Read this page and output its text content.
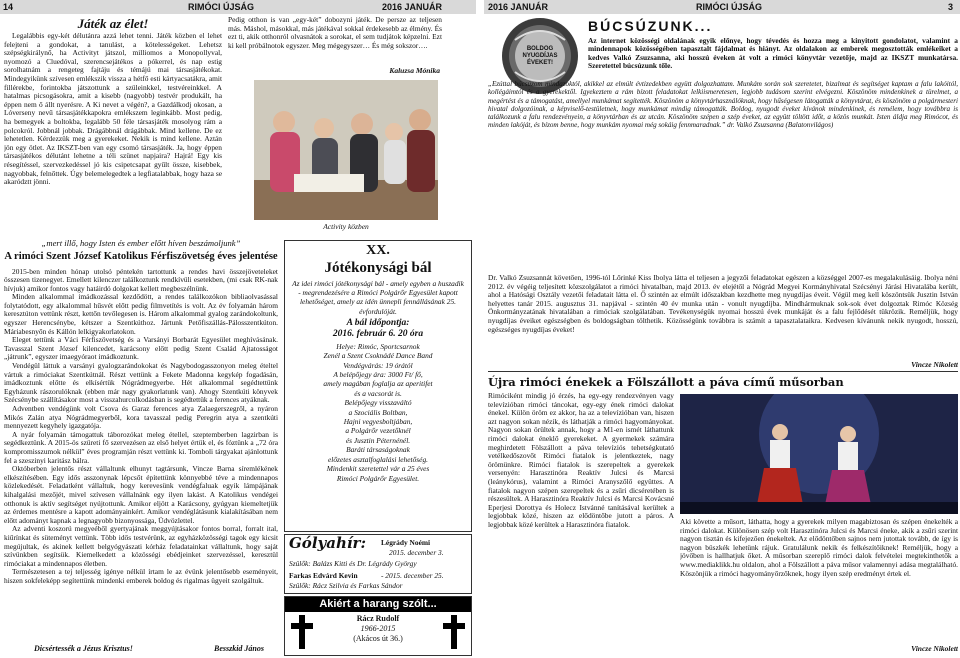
14	RIMÓCI ÚJSÁG	2016 JANUÁR
Játék az élet!
Legalábbis egy-két délutánra azzá lehet tenni. Játék közben el lehet felejteni a gondokat, a tanulást, a kötelességeket. Lehetsz szépségkirálynő, ha Activityt játszol, milliomos a Monopollyval, nyomozó a Cluedóval, szerencsejátékos a pókerrel, és nap estig sorolhatnám a rengeteg fajtáju és témájú mai társasjátékokat. Mindegyikünk szívesen emlékszik vissza a hétfő esti kártyacsatákra, amit fillérekbe, forintokba játszottunk a szüleinkkel, testvéreinkkel. A hatalmas picsogásokra, amit a kisebb (nagyobb) testvér produkált, ha éppen nem ő állt nyerésre. A Ki nevet a végén?, a Gazdálkodj okosan, a Lóverseny nevű társasjátékkapokra emlékszem leginkább. Most pedig, ha bemegyek a boltokba, legalább 50 féle társasjáték mosolyog rám a polcokról. Jobbnál jobbak. Drágábbnál drágábbak. Mind kellene. De ez lehetetlen. Kérdezzük meg a gyerekeket. Nekik is mind kellene. Aztán jön egy ötlet. Az IKSZT-ben van egy csomó társasjáték. Ja, hogy éppen társasjátékos délutánt lehetne a téli szünet napjaira? Hajrá! Egy kis résegítéssel, szervezkedéssel jó kis csipetcsapat gyűlt össze, kisebbek, nagyobbak, felnőttek. Úgy belemelegedtek a legfiatalabbak, hogy haza se akarództt jönni.
Pedig otthon is van „egy-két” dobozyni játék. De persze az teljesen más. Máshol, másokkal, más játékával sokkal érdekesebb az élmény. És ezt ti, akik otthonról olvasnátok a sorokat, el sem tudjátok képzelni. Ezt ki kell próbálnotok egyszer. Meg mégegyszer… És még sokszor….
Kaluzsa Mónika
Activity közben
„mert illő, hogy Isten és ember előtt híven beszámoljunk”
A rimóci Szent József Katolikus Férfiszövetség éves jelentése

2015-ben minden hónap utolsó péntekén tartottunk a rendes havi összejöveteleket összesen tizenegyet. Emellett kilenczer találkoztunk rendkívüli esetekben, (mi csak RK-nak hívjuk) amikor fontos vagy hatáirdó dolgokat kellett megbeszélnünk.

Minden alkalommal imádkozással kezdődött, a rendes találkozókon bibliaolvasással folytatódott, egy alkalommal hűsvét előtt pedig filmvetítés is volt. Az év folyamán három keresztúton vettünk részt, kettőn tevőlegesen is. Három alkalommal gyalog zarándokoltunk, egyszer Herencsénybe, kétszer a Szentkúthoz. Jártunk Petőfiszállás-Pálosszentkúton. Máriabesnyőn és Kállón lelkigyakorlatokon.

Eleget tettünk a Váci Férfiszövetség és a Varsányi Borbarát Egyesület meghívásának. Tavasszal Szent József kilencedet, karácsony előtt pedig Szent Család Ajtatosságot „játrunk”, egyszer imaegyóraot imádkoztunk.

Vendégül láttuk a varsányi gyalogzarándokokat és Nagybodogasszonyon meleg ételtel vártuk a rimóciakat Szentkútnál. Részt vettünk a Fekete Madonna kegykép fogadásán, imádkoztunk előtte és elkísértük Nógrádmegyerbe. Hét alkalommal segédtettünk Egyházunk rászorulóknak (ebben már nagy gyakorlatunk van). Ahogy Szentkúti könyvek Szécsénybe szállításakor most a visszahurcolkodásban is segédtettük a ferences atyáknak.

Adventben vendégünk volt Csova és Garaz ferences atya Zalaegerszegről, a nyáron Mikós Zalán atya Nógrádmegyerből, kora tavasszal pedig Peregrin atya a szentkúti mennyezett kegyhely igazgatója.

A nyár folyamán támogattuk táborozókat meleg étellel, szeptemberben lagzirban is segédkeztünk. A 2015-ös szüreti fő szervezésen az első helyet értük el, és fóztünk a „72 óra kompromisszumok nélkül” éves programján részt vettünk ki. Tomboli tárgyakat ajánlottunk fel a szeszinyi karitász bálra.

Októberben jelentős részt vállaltunk elhunyt tagtársunk, Vincze Barna síremlékének elkészítésében. Egy idős asszonynak lépcsőt építettünk könnyebbé téve a mindennapos közlekedését. Feladatként vállaltuk, hogy kerevesünk vendégfaluak egyik lámpájának kihalgalási mezőjét, mivel szívesen vállalnánk egy ilyen lakást. A Katolikus vendégei otthonuk is aktív segítséget nyújtottunk. Amikor eljött a Karácsony, gyúgyan kiemeltetjük az érdemes mentésre a kapott adományainkért. Amikor vendéglátásunk kialakításában nem előtt adományt kapnak a legnagyobb bizonyossága, Üdvözlettel.

Az adventi koszorú megyeéből gyertyajának meggyújtásakor fontos borral, forralt ital, kiűrínkat és süteményt vettünk. Több idős testvérünk, az egyházközösségi tagok egy kicsit megújultak, és akinek kellett belgyógyászati kórház feladatainkat vállaltunk, hogy saját szívünkben segítsük. Kiemelkedett a közösségi ebédjeinket szervezéssel, keresztül rimóciakat a mindennapos életben.

Természetesen a tej teljesség igénye nélkül írtam le az évünk jelentősebb eseményeit, hiszen sokfeleképp segítettünk mindenki emberek boldog és rigalmas ügyeit szolgáltuk.

Dicsértessék a Jézus Krisztus!	Besszkid János
XX.
Jótékonysági bál
Az idei rimóci jótékonysági bál - amely egyben a huszadik - megrendezésére a Rimóci Polgárőr Egyesület kapott lehetőséget, amely az idén ünnepli fennállásának 25. évfordulóját.
A bál időpontja:
2016. február 6. 20 óra
Helye: Rimóc, Sportcsarnok
Zenél a Szent Csoknádé Dance Band
Vendégvárás: 19 órától
A belépőjegy ára: 3000 Ft/ fő,
amely magában foglalja az aperitifet
és a vacsorát is.
Belépőjegy visszaváltó
a Szociális Boltban,
Hajni vegyesboltjában,
a Polgárőr vezetőknél
és Jusztin Péternénél.
Baráti társaságoknak
előzetes asztalfoglalási lehetőség.
Mindenkit szeretettel vár a 25 éves
Rimóci Polgárőr Egyesület.
Gólyahír: Légrády Noémi
2015. december 3.
Szülők: Balázs Kitti és Dr. Légrády György
Farkas Edvárd Kevin	- 2015. december 25.
Szülők: Rácz Szilvia és Farkas Sándor
Akiért a harang szólt...
Rácz Rudolf
1966-2015
(Akácos út 36.)
2016 JANUÁR	RIMÓCI ÚJSÁG	3
BOLDOG NYUGDÍJAS ÉVEKET!
BÚCSÚZUNK...
Az internet közösségi oldalának egyik előnye, hogy tévedés és hozza meg a kinyitott gondolatot, valamint a mindennapok közösségében tapasztalt fájdalmat és hiányt. Az oldalakon az emberek megosztották emlékeiket a kedves Valkó Zsuzsanna, aki hosszú éveken át volt a rimóci könyvtár vezetője, majd az IKSZT munkatársa. Szeretettel búcsúzunk tőle.
„Ezúttal búcsúzom mindazoktól, akikkel az elmúlt évtizedekben együtt dolgozhattam. Munkám során sok szeretetet, bizalmat és segítséget kaptam a falu lakóitól, kollégáimtól és a gyerekektől. Igyekeztem a rám bízott feladatokat lelkiismeretesen, legjobb tudásom szerint elvégezni. Köszönöm mindenkinek a türelmet, a megértést és a támogatást, amellyel munkámat segítették. Köszönöm a könyvtárhasználóknak, hogy hűségesen látogatták a könyvtárat, és köszönöm a polgármesteri hivatal dolgozóinak, a képviselő-testületnek, hogy munkámat mindig támogatták. Boldog, nyugodt éveket kívánok mindenkinek, és remélem, hogy továbbra is találkozunk a falu rendezvényein, a könyvtárban és az utcán. Köszönöm szépen a szép éveket, az együtt töltött időt, a közös munkát. Isten áldja meg Rimócot, és minden lakóját, és bízom benne, hogy munkám nyomai még sokáig fennmaradnak.” dr. Valkó Zsuzsanna (Balatonvilágos)
Dr. Valkó Zsuzsannát követően, 1996-tól Lőrinké Kiss Ibolya látta el teljesen a jegyzői feladatokat egészen a községgel 2007-es megalakulásáig. Ibolya néni 2012. év végéig teljesített közszolgálatot a rimóci hivatalban, majd 2013. év elejétől a Nógrád Megyei Kormányhivatal Szécsényi Járási Hivatalába került, ahol a Hatósági Osztály vezetői feladatait látta el. Ő szintén az elmúlt időszakban kezdhette meg nyugdíjas éveit. Végül meg kell köszöntsük Jusztin István helyettes tanár 2015. augusztus 31. napjával - szintén 40 év munka után - vonult nyugdíjba. Mindhármuknak sok-sok évet dolgoztak Rimóc Község Önkormányzatának hivatalában a rimóciak szolgálatában. Tevékenységük nyomai hosszú évek munkáját és a falu fejlődését tükrözik. Reméljük, hogy nyugdíjas éveiket egészségben és boldogságban tölthetik. Közösségünk továbbra is számít a tapasztalataikra. Kedvesen kívánunk nekik nyugodt, hosszú, egészséges nyugdíjas éveket!
Vincze Nikolett
Újra rimóci énekek a Fölszállott a páva című műsorban
Rimóciként mindig jó érzés, ha egy-egy rendezvényen vagy televízióban rimóci táncokat, egy-egy ének rimóci dalokat énekel. Külön öröm ez akkor, ha az a televízióban van, hiszen azt nagyon sokan nézik, és láthatják a rimóci hagyományokat. Nagyon sokan örültek annak, hogy a M1-en ismét láthattunk rimóci dalokat éneklő gyerekeket. A gyermekek számára meghirdetett Fölszállott a páva televíziós tehetségkutató vetélkedőszovőt Rimóci fiatalok is jelentkeztek, nagy örömünkre. Rimóci fiatalok is szerepeltek a gyerekek versenyén: Harasztinóra Reaktív Julcsi és Marcsi (leánykórus), valamint a Rimóci Aranyszőlő együttes. A fiatalok nagyon szépen szerepeltek és a zsűri dicséretében is részesültek. A Harasztinóra Reaktív Julcsi és Marcsi Kovácsné Eperjesi Dorottya és Holecz Istvánné tanításával kerültek a legjobbak közé, hiszen az elődöntőbe jutott a páros. A legjobbak közé kerültek a Harasztinóra fiatalok.	Aki követte a műsort, láthatta, hogy a gyerekek milyen magabiztosan és szépen énekelték a rimóci dalokat. Különösen szép volt Harasztinóra Julcsi és Marcsi éneke, akik a zsűri szerint nagyon tisztán és kifejezően énekeltek. Az elődöntőben sajnos nem jutottak tovább, de így is nagyon büszkék lehetünk rájuk. Gratulálunk nekik és felkészítőiknek! Reméljük, hogy a jövőben is hallhatjuk őket. A műsorban szereplő rimóci dalok felvételei megtekinthetők a www.mediaklikk.hu oldalon, ahol a Fölszállott a páva műsor valamennyi adása megtalálható. Köszönjük a rimóci hagyományőrzőknek, hogy ilyen szép eredményt értek el.
Vincze Nikolett
